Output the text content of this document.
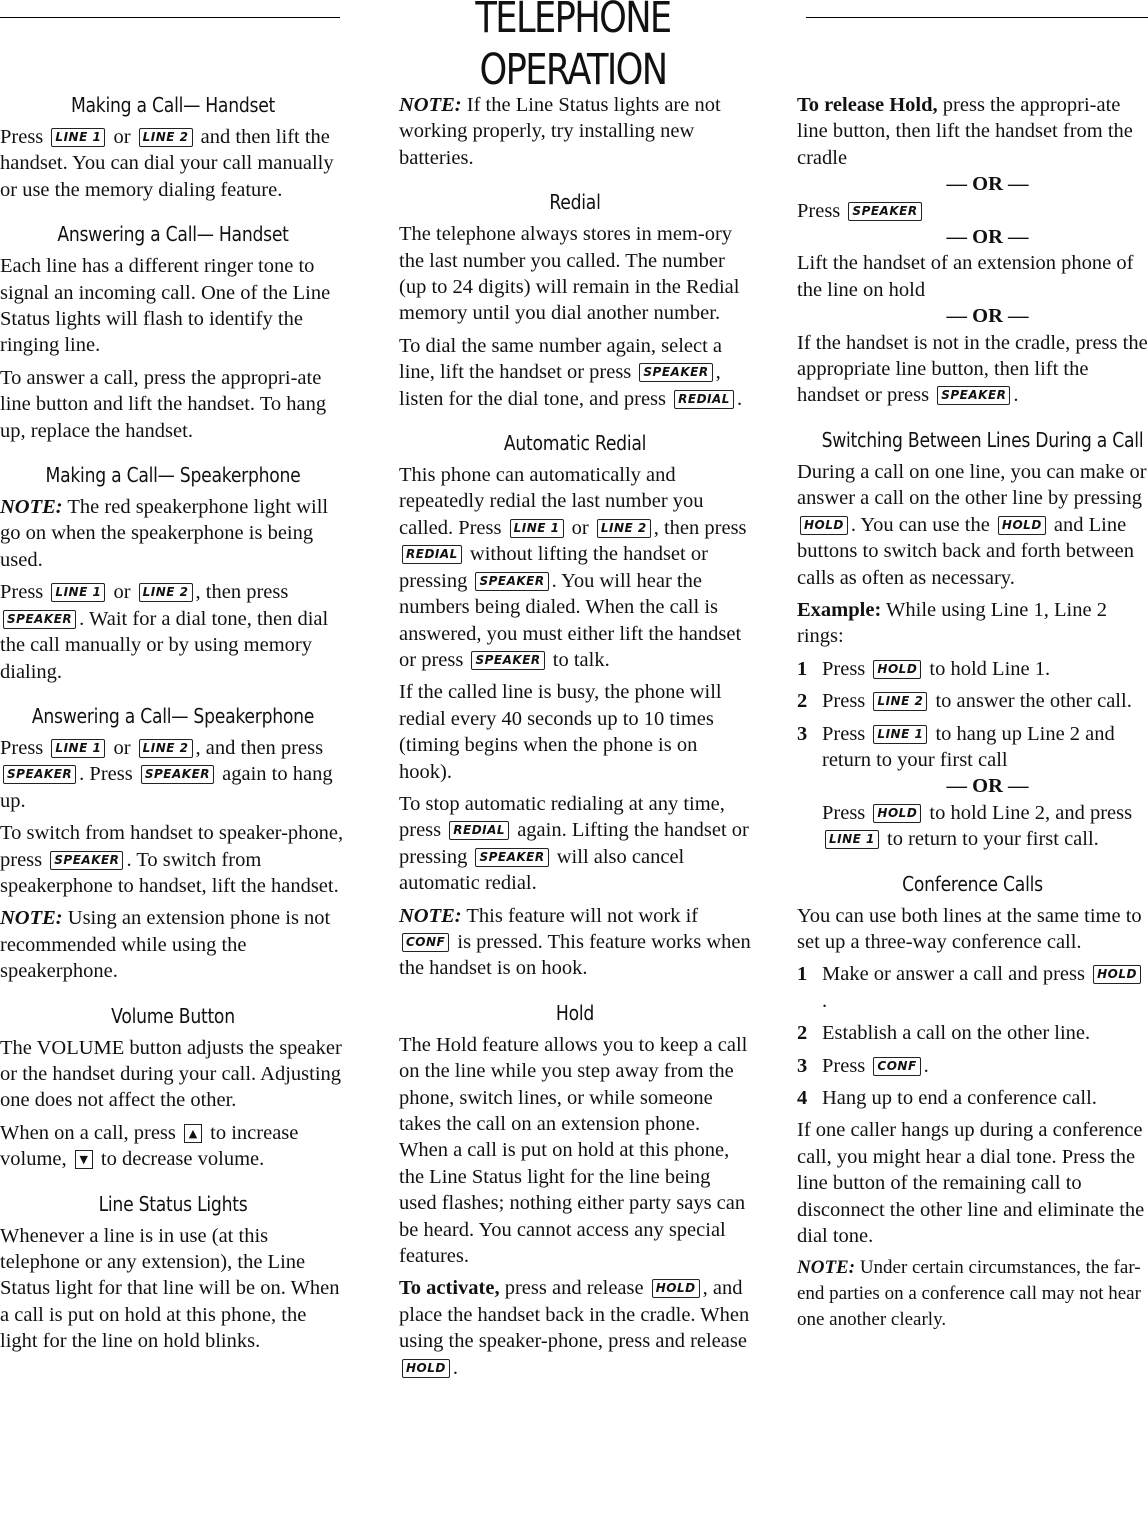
TELEPHONE OPERATION
Making a Call— Handset

Press LINE 1 or LINE 2 and then lift the handset. You can dial your call manually or use the memory dialing feature.

Answering a Call— Handset

Each line has a different ringer tone to signal an incoming call. One of the Line Status lights will flash to identify the ringing line.

To answer a call, press the appropri-ate line button and lift the handset. To hang up, replace the handset.

Making a Call— Speakerphone

NOTE: The red speakerphone light will go on when the speakerphone is being used.

Press LINE 1 or LINE 2 , then press SPEAKER . Wait for a dial tone, then dial the call manually or by using memory dialing.

Answering a Call— Speakerphone

Press LINE 1 or LINE 2 , and then press SPEAKER . Press SPEAKER again to hang up.

To switch from handset to speaker-phone, press SPEAKER . To switch from speakerphone to handset, lift the handset.

NOTE: Using an extension phone is not recommended while using the speakerphone.

Volume Button

The VOLUME button adjusts the speaker or the handset during your call. Adjusting one does not affect the other.

When on a call, press ▲ to increase volume, ▼ to decrease volume.

Line Status Lights

Whenever a line is in use (at this telephone or any extension), the Line Status light for that line will be on. When a call is put on hold at this phone, the light for the line on hold blinks.

NOTE: If the Line Status lights are not working properly, try installing new batteries.

Redial

The telephone always stores in mem-ory the last number you called. The number (up to 24 digits) will remain in the Redial memory until you dial another number.

To dial the same number again, select a line, lift the handset or press SPEAKER , listen for the dial tone, and press REDIAL .

Automatic Redial

This phone can automatically and repeatedly redial the last number you called. Press LINE 1 or LINE 2 , then press REDIAL without lifting the handset or pressing SPEAKER . You will hear the numbers being dialed. When the call is answered, you must either lift the handset or press SPEAKER to talk.

If the called line is busy, the phone will redial every 40 seconds up to 10 times (timing begins when the phone is on hook).

To stop automatic redialing at any time, press REDIAL again. Lifting the handset or pressing SPEAKER will also cancel automatic redial.

NOTE: This feature will not work if CONF is pressed. This feature works when the handset is on hook.

Hold

The Hold feature allows you to keep a call on the line while you step away from the phone, switch lines, or while someone takes the call on an extension phone. When a call is put on hold at this phone, the Line Status light for the line being used flashes; nothing either party says can be heard. You cannot access any special features.

To activate, press and release HOLD , and place the handset back in the cradle. When using the speaker-phone, press and release HOLD .

To release Hold, press the appropri-ate line button, then lift the handset from the cradle

— OR —

Press SPEAKER

— OR —

Lift the handset of an extension phone of the line on hold

— OR —

If the handset is not in the cradle, press the appropriate line button, then lift the handset or press SPEAKER .

Switching Between Lines During a Call

During a call on one line, you can make or answer a call on the other line by pressing HOLD . You can use the HOLD and Line buttons to switch back and forth between calls as often as necessary.

Example: While using Line 1, Line 2 rings:

1 Press HOLD to hold Line 1.
2 Press LINE 2 to answer the other call.
3 Press LINE 1 to hang up Line 2 and return to your first call

— OR —

Press HOLD to hold Line 2, and press LINE 1 to return to your first call.

Conference Calls

You can use both lines at the same time to set up a three-way conference call.

1 Make or answer a call and press HOLD.
2 Establish a call on the other line.
3 Press CONF .
4 Hang up to end a conference call.

If one caller hangs up during a conference call, you might hear a dial tone. Press the line button of the remaining call to disconnect the other line and eliminate the dial tone.

NOTE: Under certain circumstances, the far-end parties on a conference call may not hear one another clearly.
